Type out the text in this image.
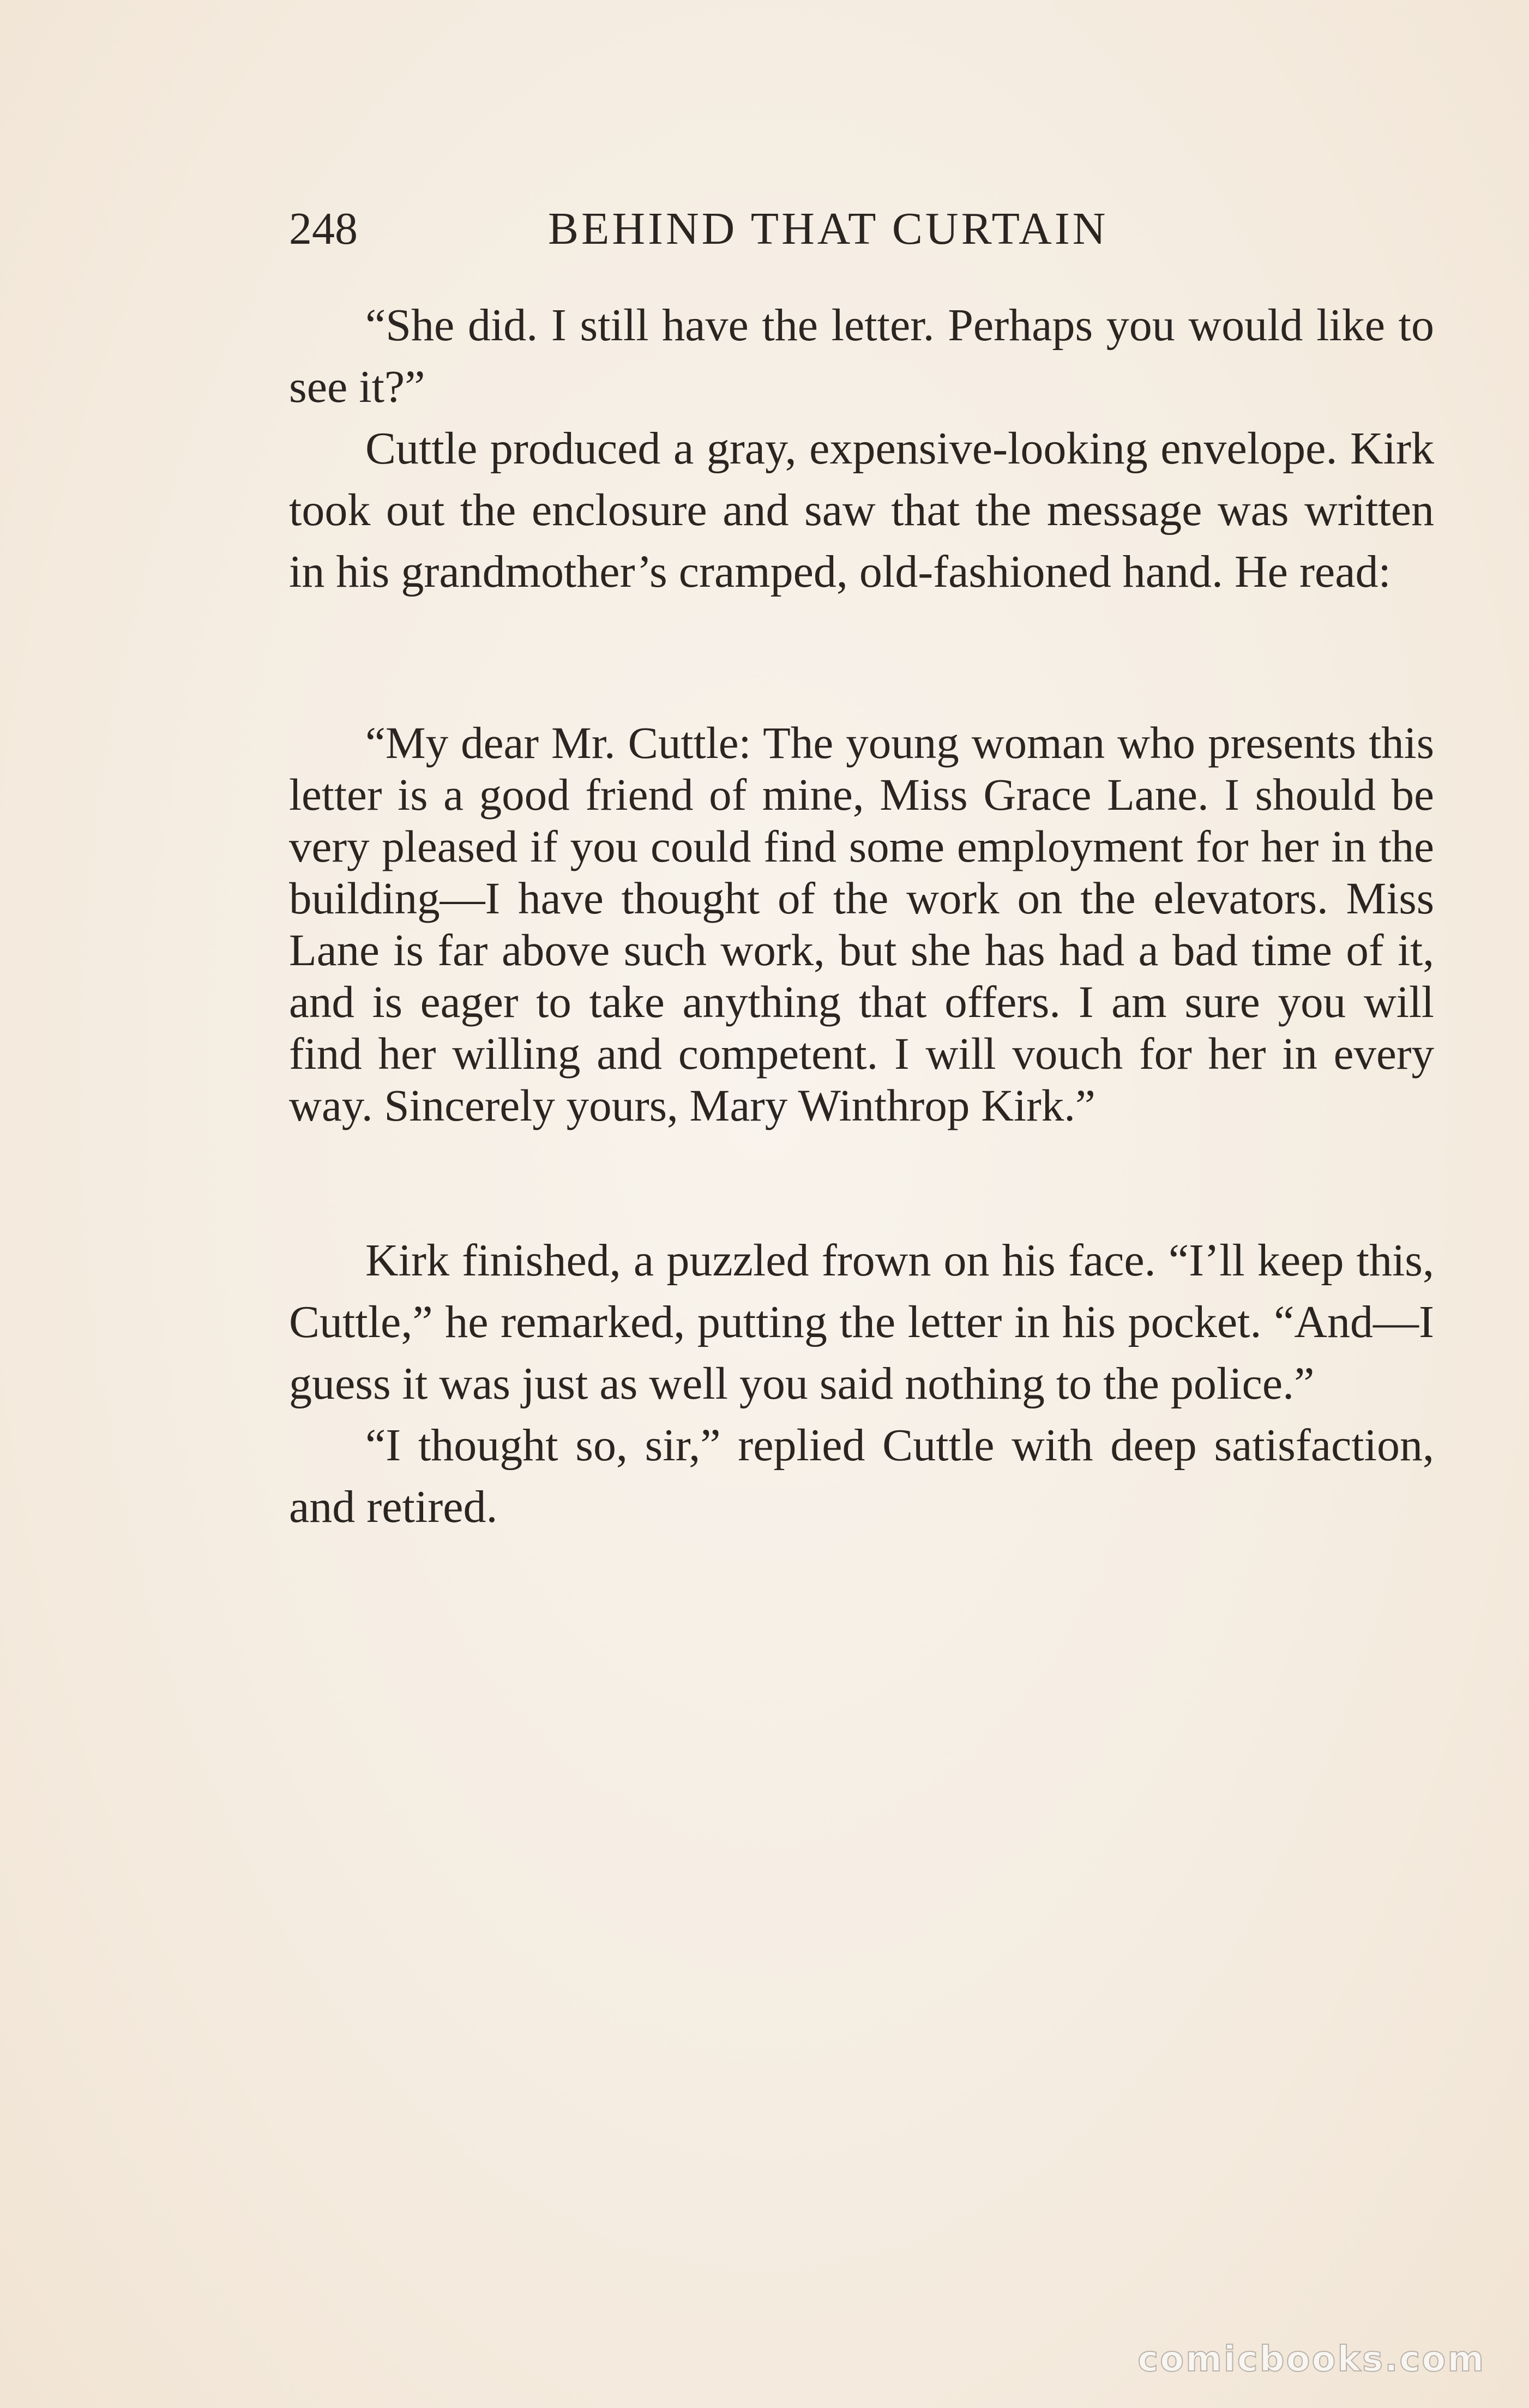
248	BEHIND THAT CURTAIN

“She did. I still have the letter. Perhaps you would like to see it?”

Cuttle produced a gray, expensive-looking envelope. Kirk took out the enclosure and saw that the message was written in his grandmother’s cramped, old-fashioned hand. He read:

“My dear Mr. Cuttle: The young woman who presents this letter is a good friend of mine, Miss Grace Lane. I should be very pleased if you could find some employment for her in the building—I have thought of the work on the elevators. Miss Lane is far above such work, but she has had a bad time of it, and is eager to take anything that offers. I am sure you will find her willing and competent. I will vouch for her in every way. Sincerely yours, Mary Winthrop Kirk.”

Kirk finished, a puzzled frown on his face. “I’ll keep this, Cuttle,” he remarked, putting the letter in his pocket. “And—I guess it was just as well you said nothing to the police.”

“I thought so, sir,” replied Cuttle with deep satisfaction, and retired.

comicbooks.com
